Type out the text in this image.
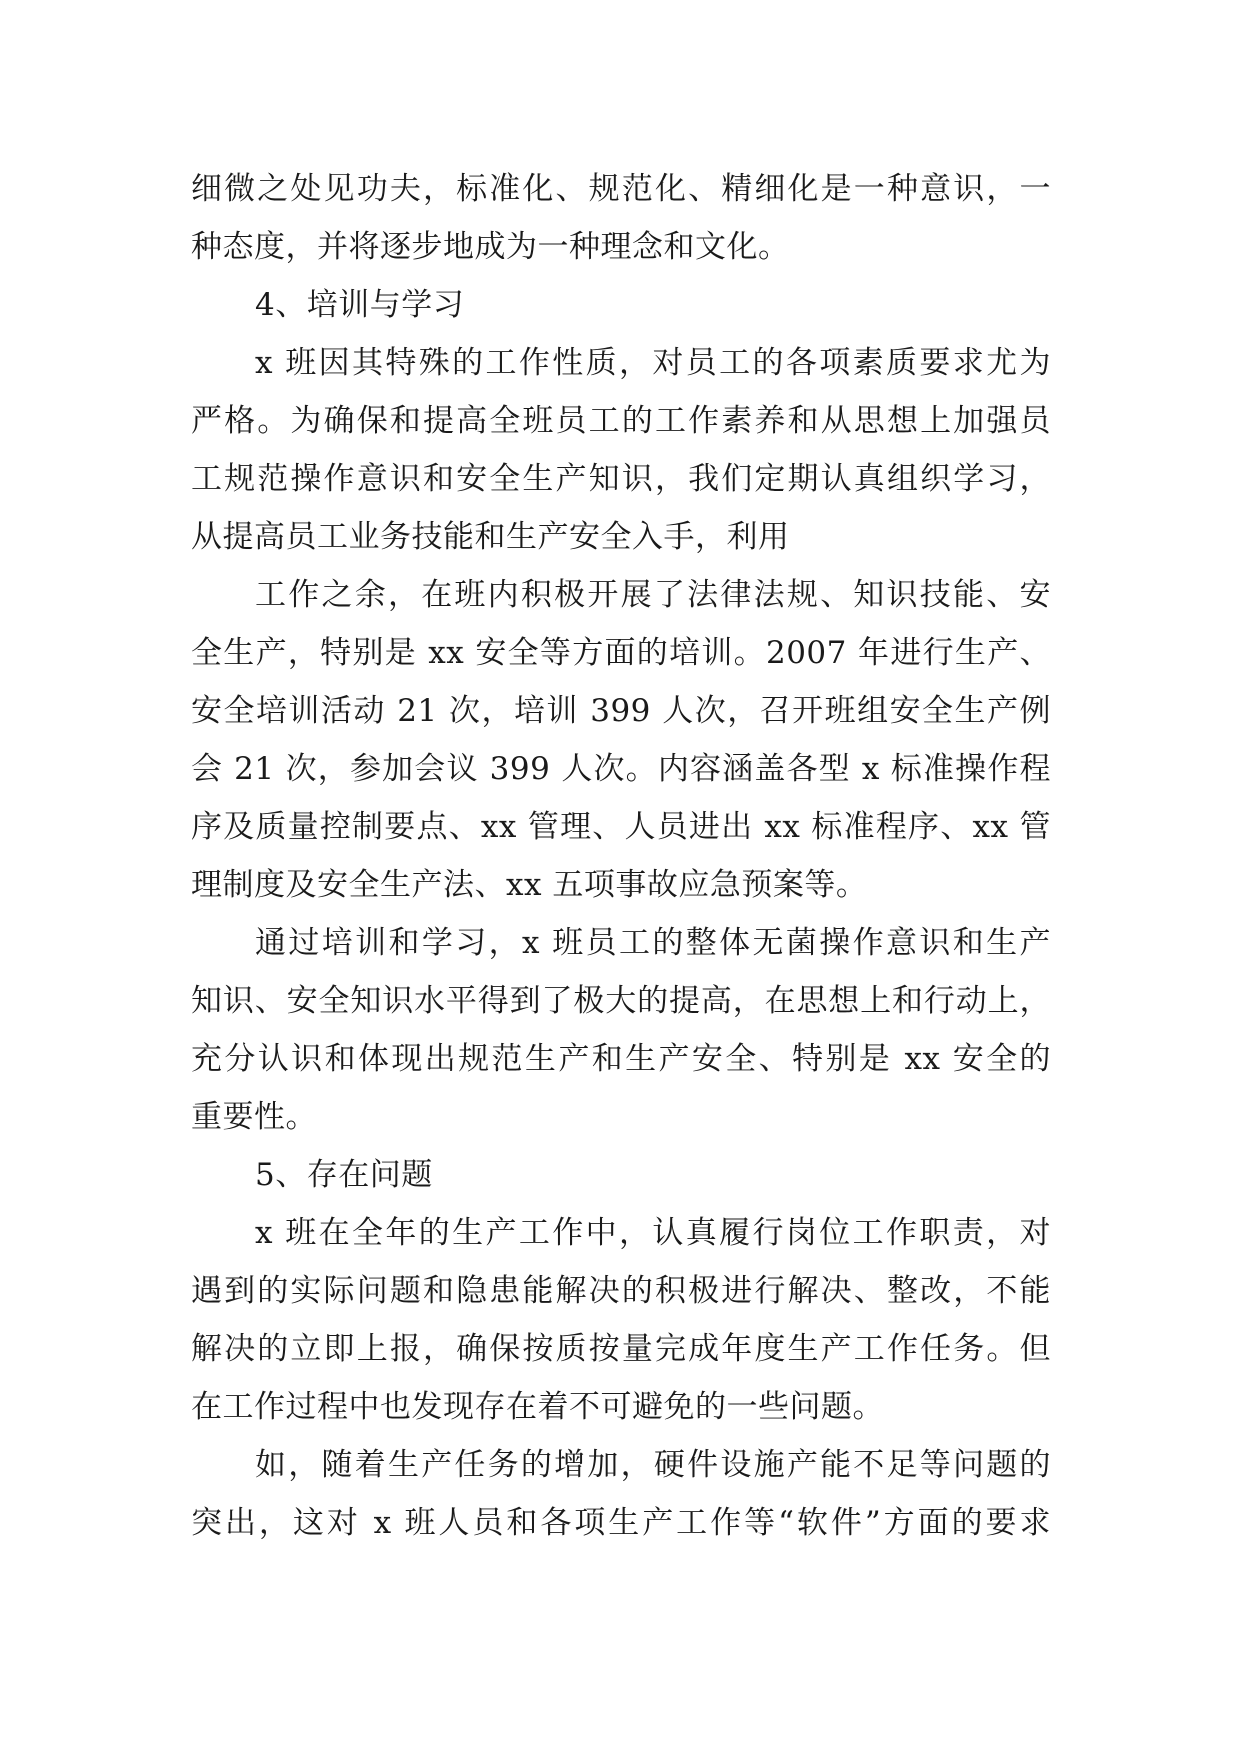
细微之处见功夫，标准化、规范化、精细化是一种意识，一
种态度，并将逐步地成为一种理念和文化。
4、培训与学习
x 班因其特殊的工作性质，对员工的各项素质要求尤为
严格。为确保和提高全班员工的工作素养和从思想上加强员
工规范操作意识和安全生产知识，我们定期认真组织学习，
从提高员工业务技能和生产安全入手，利用
工作之余，在班内积极开展了法律法规、知识技能、安
全生产，特别是 xx 安全等方面的培训。2007 年进行生产、
安全培训活动 21 次，培训 399 人次，召开班组安全生产例
会 21 次，参加会议 399 人次。内容涵盖各型 x 标准操作程
序及质量控制要点、xx 管理、人员进出 xx 标准程序、xx 管
理制度及安全生产法、xx 五项事故应急预案等。
通过培训和学习，x 班员工的整体无菌操作意识和生产
知识、安全知识水平得到了极大的提高，在思想上和行动上，
充分认识和体现出规范生产和生产安全、特别是 xx 安全的
重要性。
5、存在问题
x 班在全年的生产工作中，认真履行岗位工作职责，对
遇到的实际问题和隐患能解决的积极进行解决、整改，不能
解决的立即上报，确保按质按量完成年度生产工作任务。但
在工作过程中也发现存在着不可避免的一些问题。
如，随着生产任务的增加，硬件设施产能不足等问题的
突出，这对 x 班人员和各项生产工作等“软件”方面的要求
